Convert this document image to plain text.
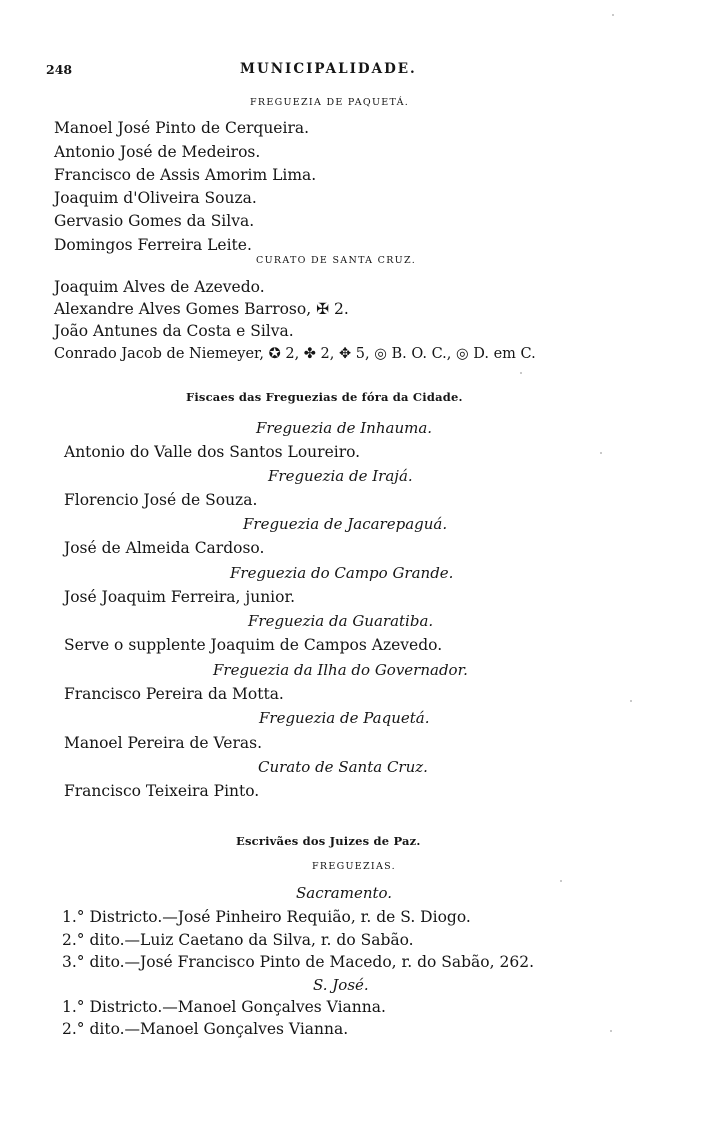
248	MUNICIPALIDADE.
FREGUEZIA DE PAQUETÁ.
Manoel José Pinto de Cerqueira.
Antonio José de Medeiros.
Francisco de Assis Amorim Lima.
Joaquim d'Oliveira Souza.
Gervasio Gomes da Silva.
Domingos Ferreira Leite.
CURATO DE SANTA CRUZ.
Joaquim Alves de Azevedo.
Alexandre Alves Gomes Barroso, ✠ 2.
João Antunes da Costa e Silva.
Conrado Jacob de Niemeyer, ✪ 2, ✤ 2, ✥ 5, ◎ B. O. C., ◎ D. em C.
Fiscaes das Freguezias de fóra da Cidade.
Freguezia de Inhauma.
Antonio do Valle dos Santos Loureiro.
Freguezia de Irajá.
Florencio José de Souza.
Freguezia de Jacarepaguá.
José de Almeida Cardoso.
Freguezia do Campo Grande.
José Joaquim Ferreira, junior.
Freguezia da Guaratiba.
Serve o supplente Joaquim de Campos Azevedo.
Freguezia da Ilha do Governador.
Francisco Pereira da Motta.
Freguezia de Paquetá.
Manoel Pereira de Veras.
Curato de Santa Cruz.
Francisco Teixeira Pinto.
Escrivães dos Juizes de Paz.
FREGUEZIAS.
Sacramento.
1.° Districto.—José Pinheiro Requião, r. de S. Diogo.
2.° dito.—Luiz Caetano da Silva, r. do Sabão.
3.° dito.—José Francisco Pinto de Macedo, r. do Sabão, 262.
S. José.
1.° Districto.—Manoel Gonçalves Vianna.
2.° dito.—Manoel Gonçalves Vianna.
